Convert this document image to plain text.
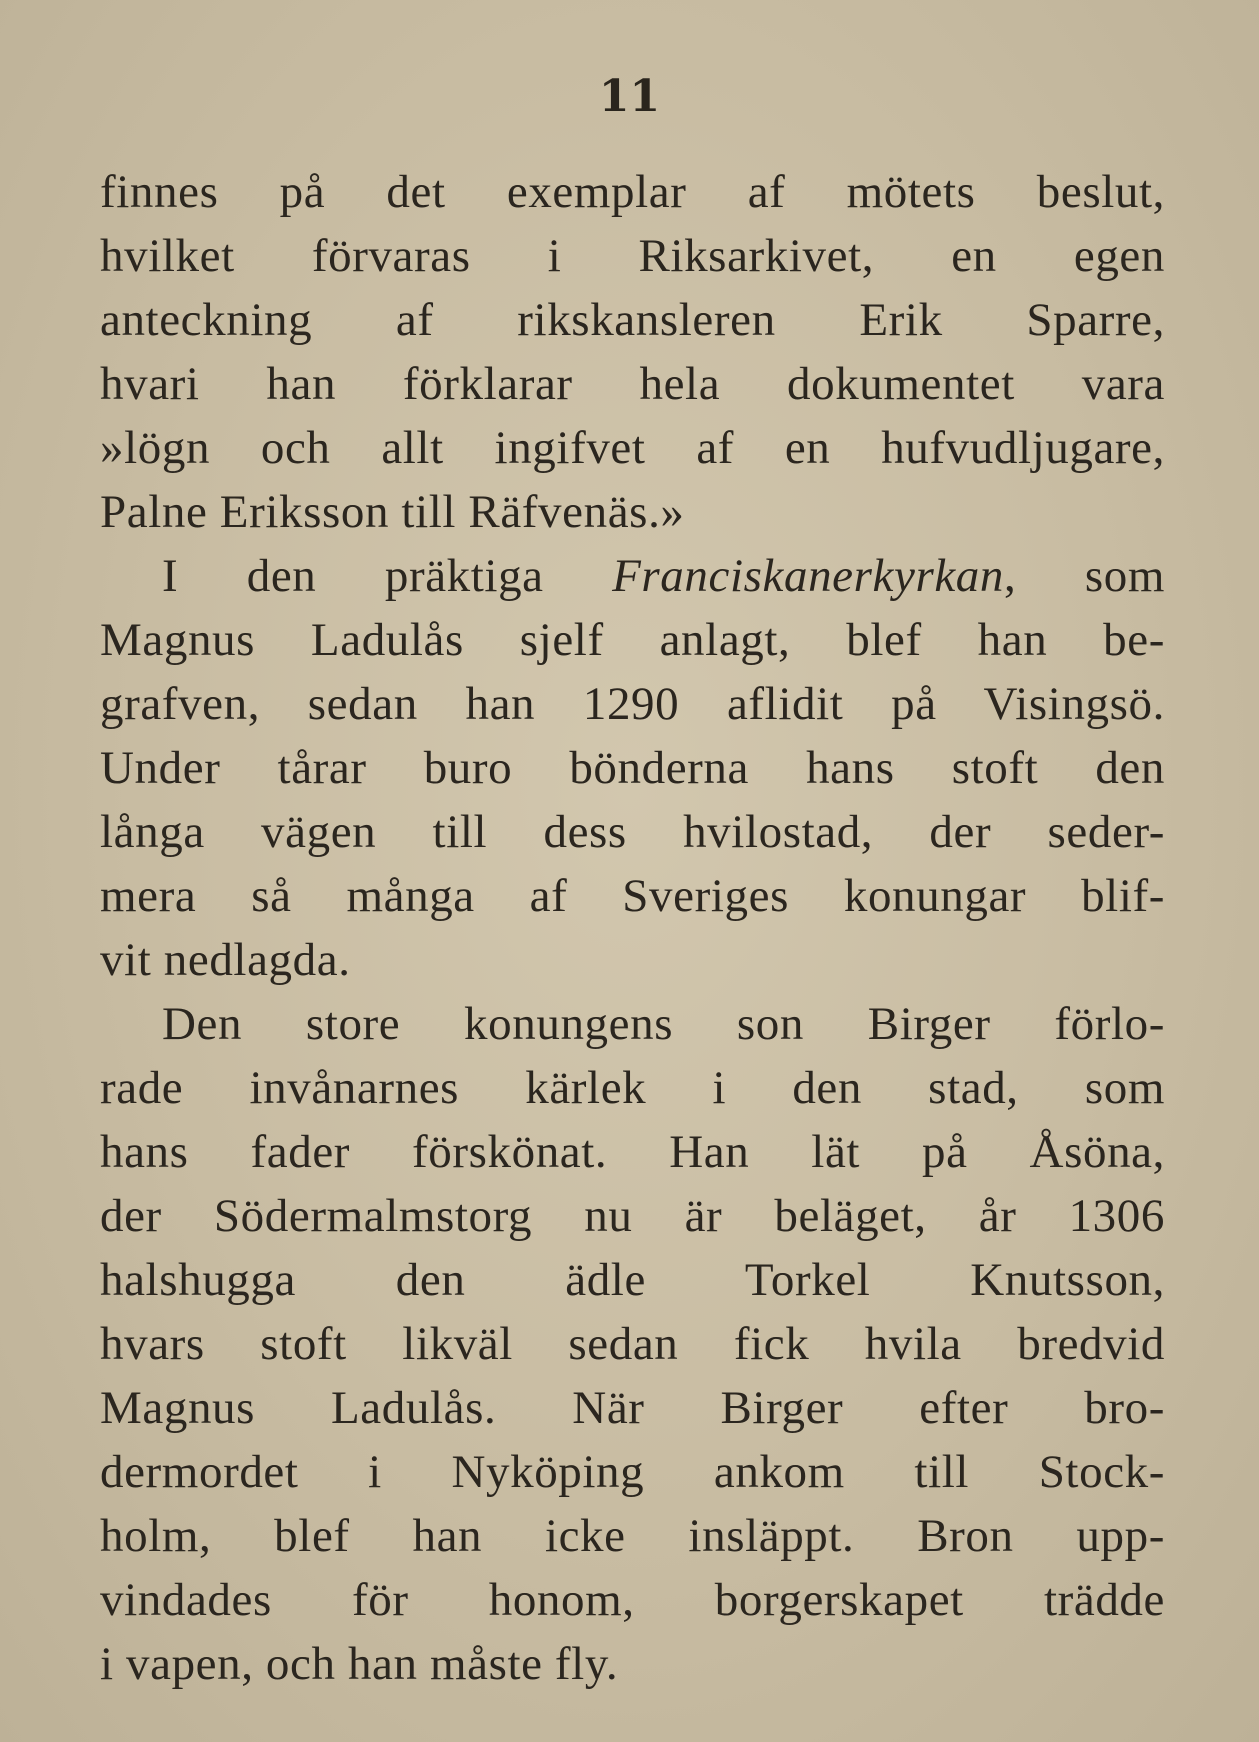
11
finnes på det exemplar af mötets beslut,
hvilket förvaras i Riksarkivet, en egen
anteckning af rikskansleren Erik Sparre,
hvari han förklarar hela dokumentet vara
»lögn och allt ingifvet af en hufvudljugare,
Palne Eriksson till Räfvenäs.»
I den präktiga Franciskanerkyrkan, som
Magnus Ladulås sjelf anlagt, blef han be-
grafven, sedan han 1290 aflidit på Visingsö.
Under tårar buro bönderna hans stoft den
långa vägen till dess hvilostad, der seder-
mera så många af Sveriges konungar blif-
vit nedlagda.
Den store konungens son Birger förlo-
rade invånarnes kärlek i den stad, som
hans fader förskönat. Han lät på Åsöna,
der Södermalmstorg nu är beläget, år 1306
halshugga den ädle Torkel Knutsson,
hvars stoft likväl sedan fick hvila bredvid
Magnus Ladulås. När Birger efter bro-
dermordet i Nyköping ankom till Stock-
holm, blef han icke insläppt. Bron upp-
vindades för honom, borgerskapet trädde
i vapen, och han måste fly.
